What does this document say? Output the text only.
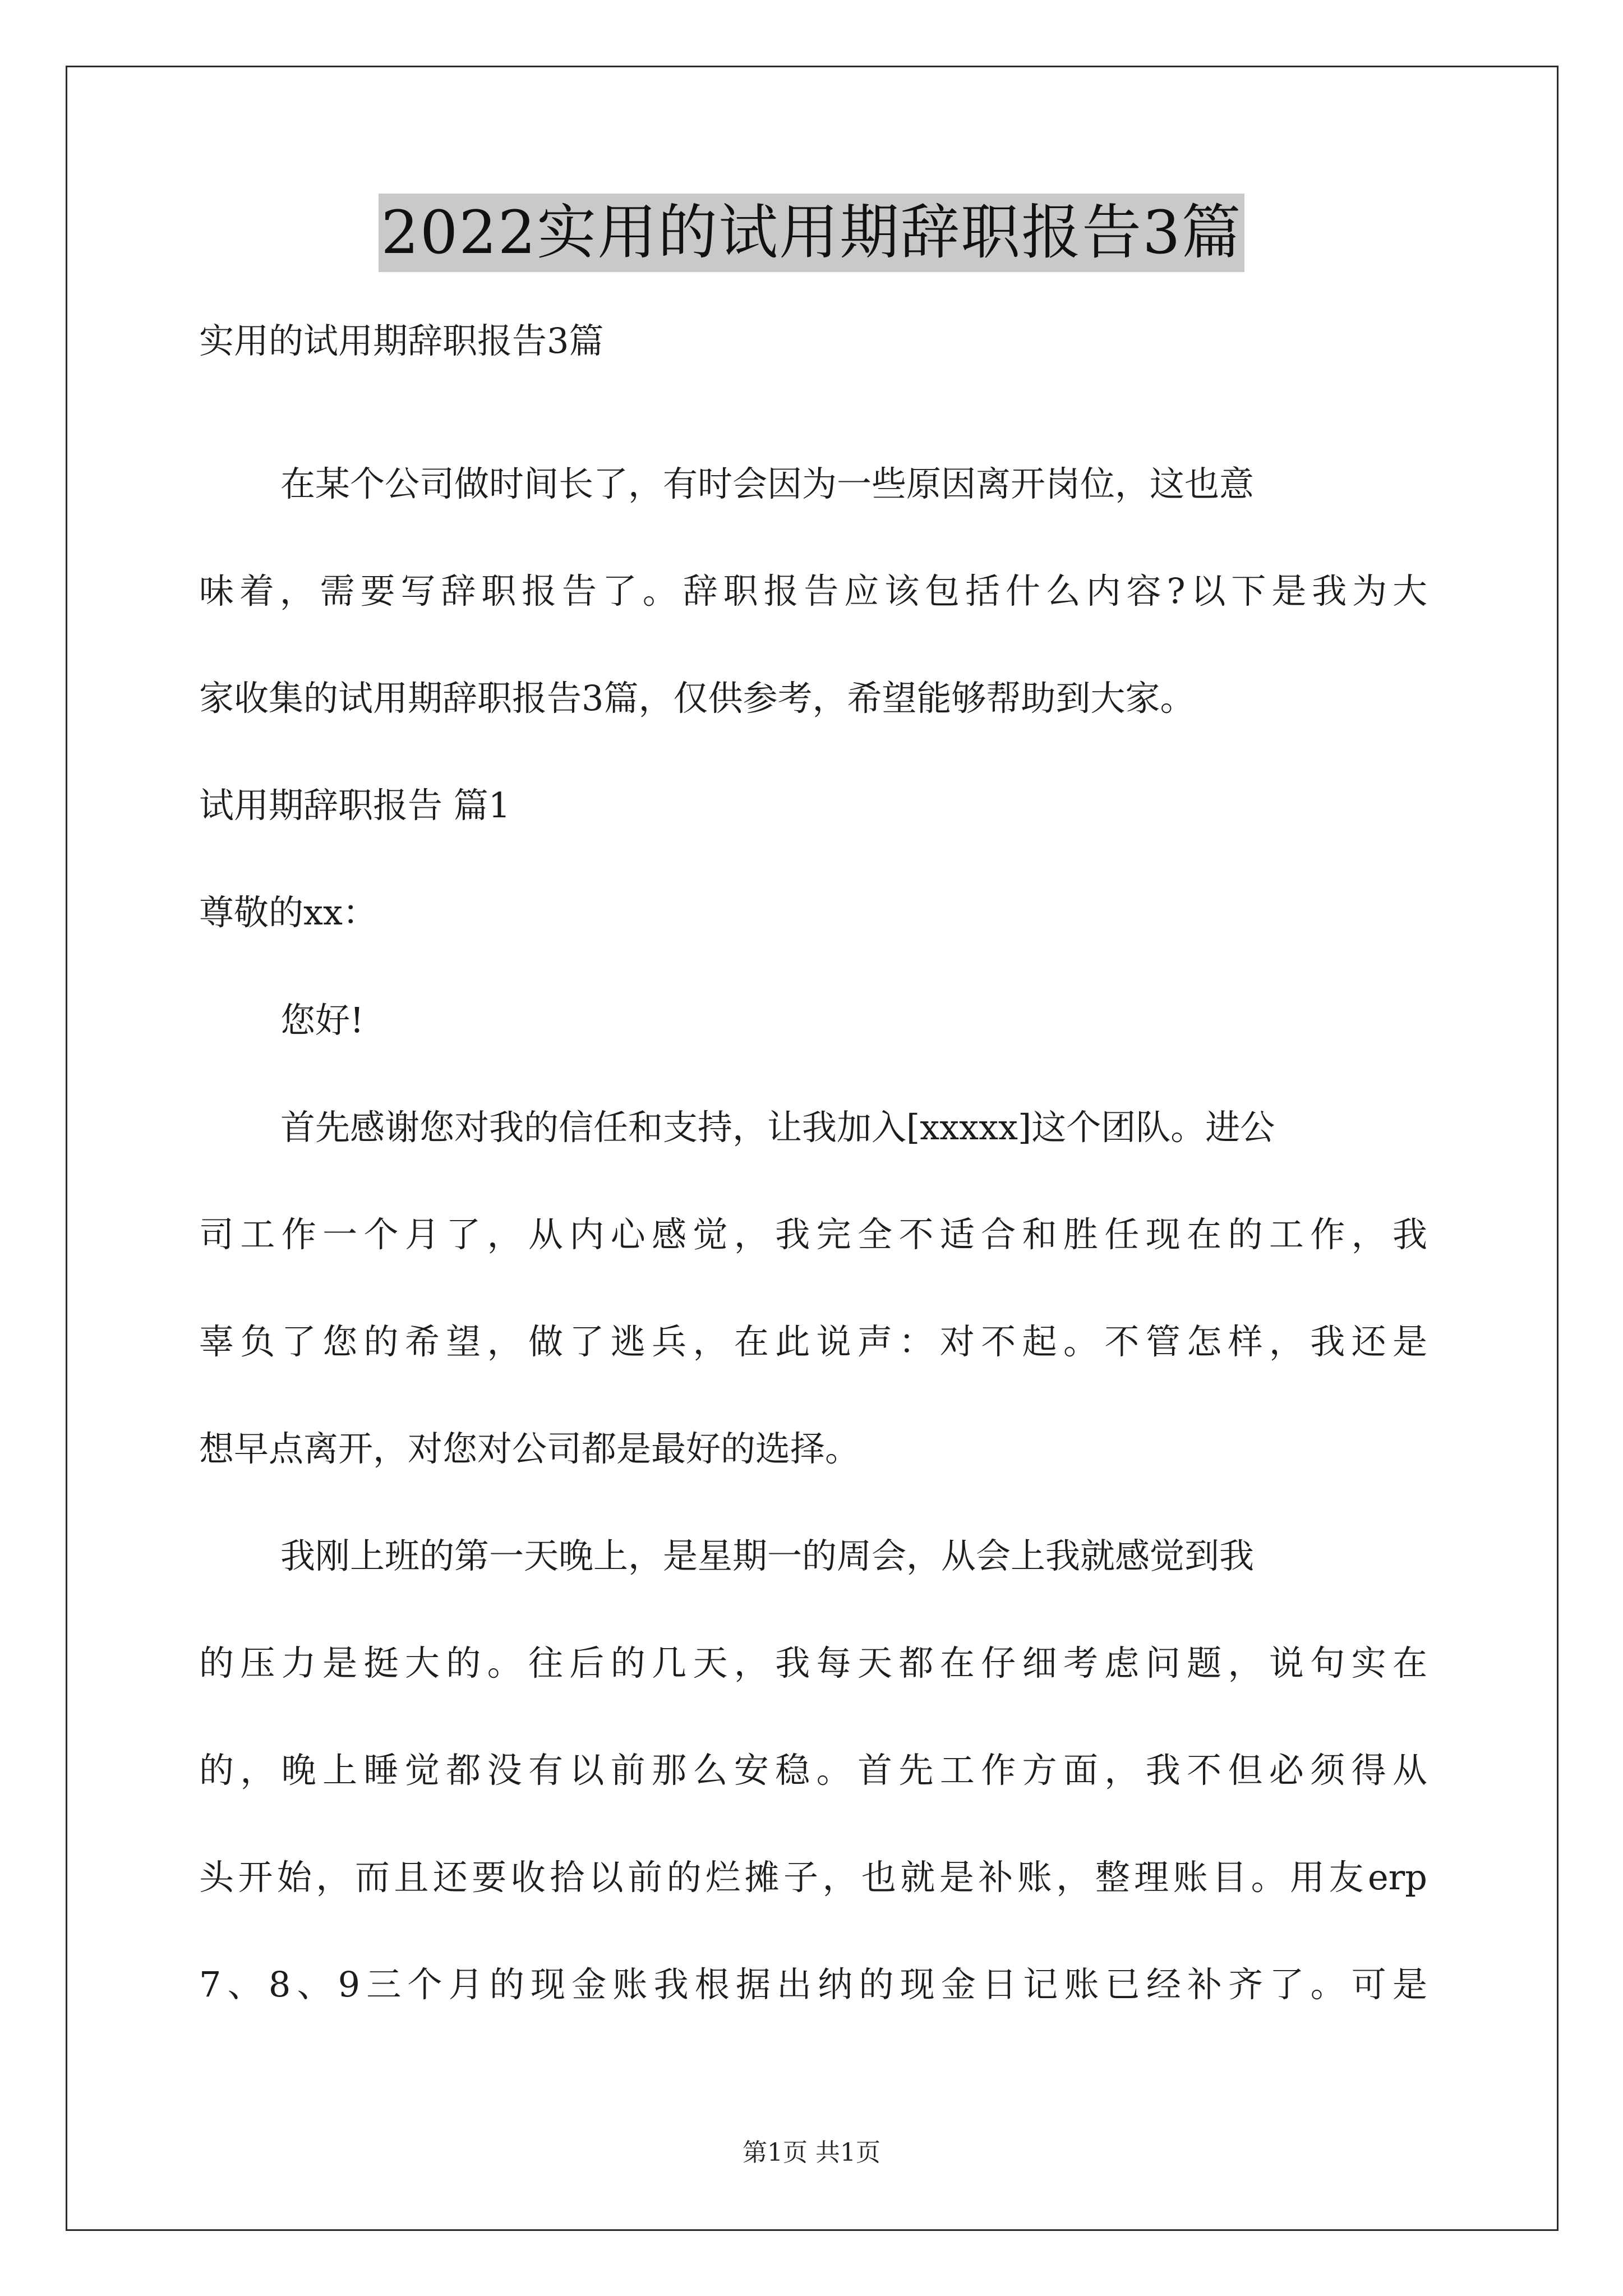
2022实用的试用期辞职报告3篇
实用的试用期辞职报告3篇
在某个公司做时间长了，有时会因为一些原因离开岗位，这也意
味着，需要写辞职报告了。辞职报告应该包括什么内容?以下是我为大
家收集的试用期辞职报告3篇，仅供参考，希望能够帮助到大家。
试用期辞职报告 篇1
尊敬的xx：
您好!
首先感谢您对我的信任和支持，让我加入[xxxxx]这个团队。进公
司工作一个月了，从内心感觉，我完全不适合和胜任现在的工作，我
辜负了您的希望，做了逃兵，在此说声：对不起。不管怎样，我还是
想早点离开，对您对公司都是最好的选择。
我刚上班的第一天晚上，是星期一的周会，从会上我就感觉到我
的压力是挺大的。往后的几天，我每天都在仔细考虑问题，说句实在
的，晚上睡觉都没有以前那么安稳。首先工作方面，我不但必须得从
头开始，而且还要收拾以前的烂摊子，也就是补账，整理账目。用友erp
7、8、9三个月的现金账我根据出纳的现金日记账已经补齐了。可是
第1页 共1页
